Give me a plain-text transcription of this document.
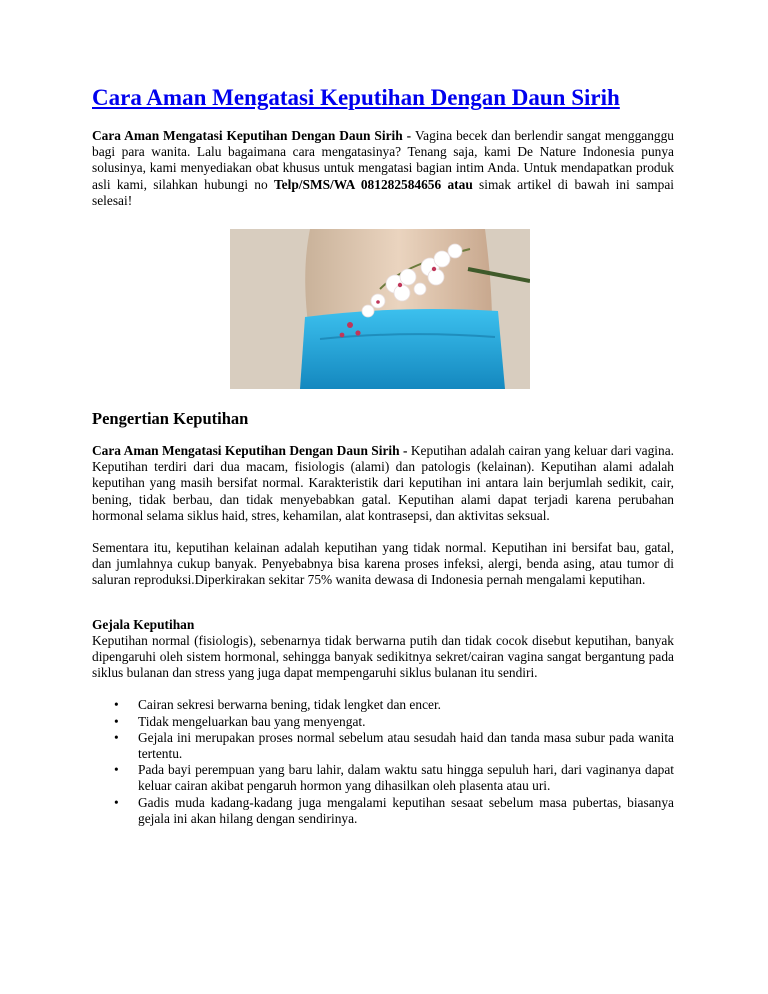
Cara Aman Mengatasi Keputihan Dengan Daun Sirih

Cara Aman Mengatasi Keputihan Dengan Daun Sirih - Vagina becek dan berlendir sangat mengganggu bagi para wanita. Lalu bagaimana cara mengatasinya? Tenang saja, kami De Nature Indonesia punya solusinya, kami menyediakan obat khusus untuk mengatasi bagian intim Anda. Untuk mendapatkan produk asli kami, silahkan hubungi no Telp/SMS/WA 081282584656 atau simak artikel di bawah ini sampai selesai!

Pengertian Keputihan

Cara Aman Mengatasi Keputihan Dengan Daun Sirih - Keputihan adalah cairan yang keluar dari vagina. Keputihan terdiri dari dua macam, fisiologis (alami) dan patologis (kelainan). Keputihan alami adalah keputihan yang masih bersifat normal. Karakteristik dari keputihan ini antara lain berjumlah sedikit, cair, bening, tidak berbau, dan tidak menyebabkan gatal. Keputihan alami dapat terjadi karena perubahan hormonal selama siklus haid, stres, kehamilan, alat kontrasepsi, dan aktivitas seksual.

Sementara itu, keputihan kelainan adalah keputihan yang tidak normal. Keputihan ini bersifat bau, gatal, dan jumlahnya cukup banyak. Penyebabnya bisa karena proses infeksi, alergi, benda asing, atau tumor di saluran reproduksi.Diperkirakan sekitar 75% wanita dewasa di Indonesia pernah mengalami keputihan.

Gejala Keputihan

Keputihan normal (fisiologis), sebenarnya tidak berwarna putih dan tidak cocok disebut keputihan, banyak dipengaruhi oleh sistem hormonal, sehingga banyak sedikitnya sekret/cairan vagina sangat bergantung pada siklus bulanan dan stress yang juga dapat mempengaruhi siklus bulanan itu sendiri.

• Cairan sekresi berwarna bening, tidak lengket dan encer.
• Tidak mengeluarkan bau yang menyengat.
• Gejala ini merupakan proses normal sebelum atau sesudah haid dan tanda masa subur pada wanita tertentu.
• Pada bayi perempuan yang baru lahir, dalam waktu satu hingga sepuluh hari, dari vaginanya dapat keluar cairan akibat pengaruh hormon yang dihasilkan oleh plasenta atau uri.
• Gadis muda kadang-kadang juga mengalami keputihan sesaat sebelum masa pubertas, biasanya gejala ini akan hilang dengan sendirinya.
